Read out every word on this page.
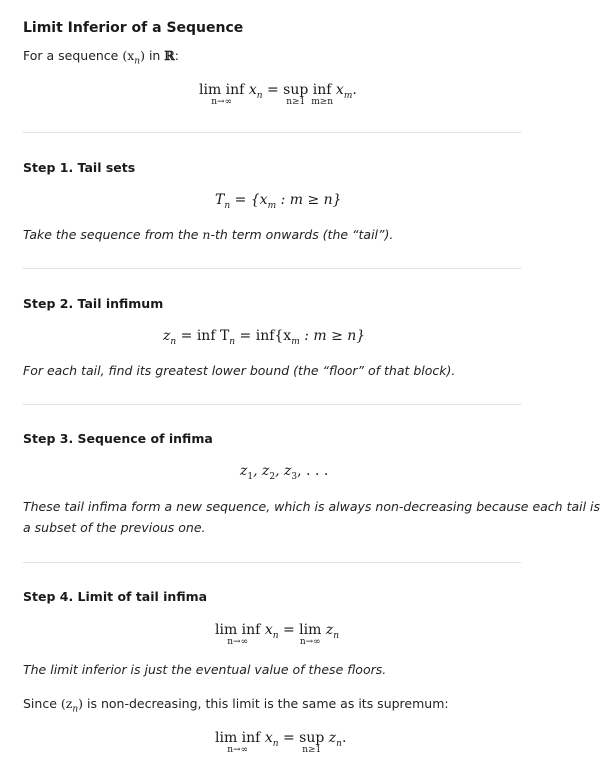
Limit Inferior of a Sequence
For a sequence $(x_n)$ in ℝ:
lim inf
n→∞
$x_n$ = sup
n≥1
inf
m≥n
$x_m$.
Step 1. Tail sets
$T_n = \{x_m$ : m ≥ n}
Take the sequence from the n-th term onwards (the “tail”).
Step 2. Tail infimum
$z_n$ = inf $T_n = inf\{x_m$ : m ≥ n}
For each tail, find its greatest lower bound (the “floor” of that block).
Step 3. Sequence of infima
$z_1$, $z_2$, $z_3$, . . .
These tail infima form a new sequence, which is always non-decreasing because each tail is
a subset of the previous one.
Step 4. Limit of tail infima
lim inf
n→∞
$x_n = \lim$
n→∞
$z_n$
The limit inferior is just the eventual value of these floors.
Since $(z_n)$ is non-decreasing, this limit is the same as its supremum:
lim inf
n→∞
$x_n$ = sup
n≥1
$z_n$.
